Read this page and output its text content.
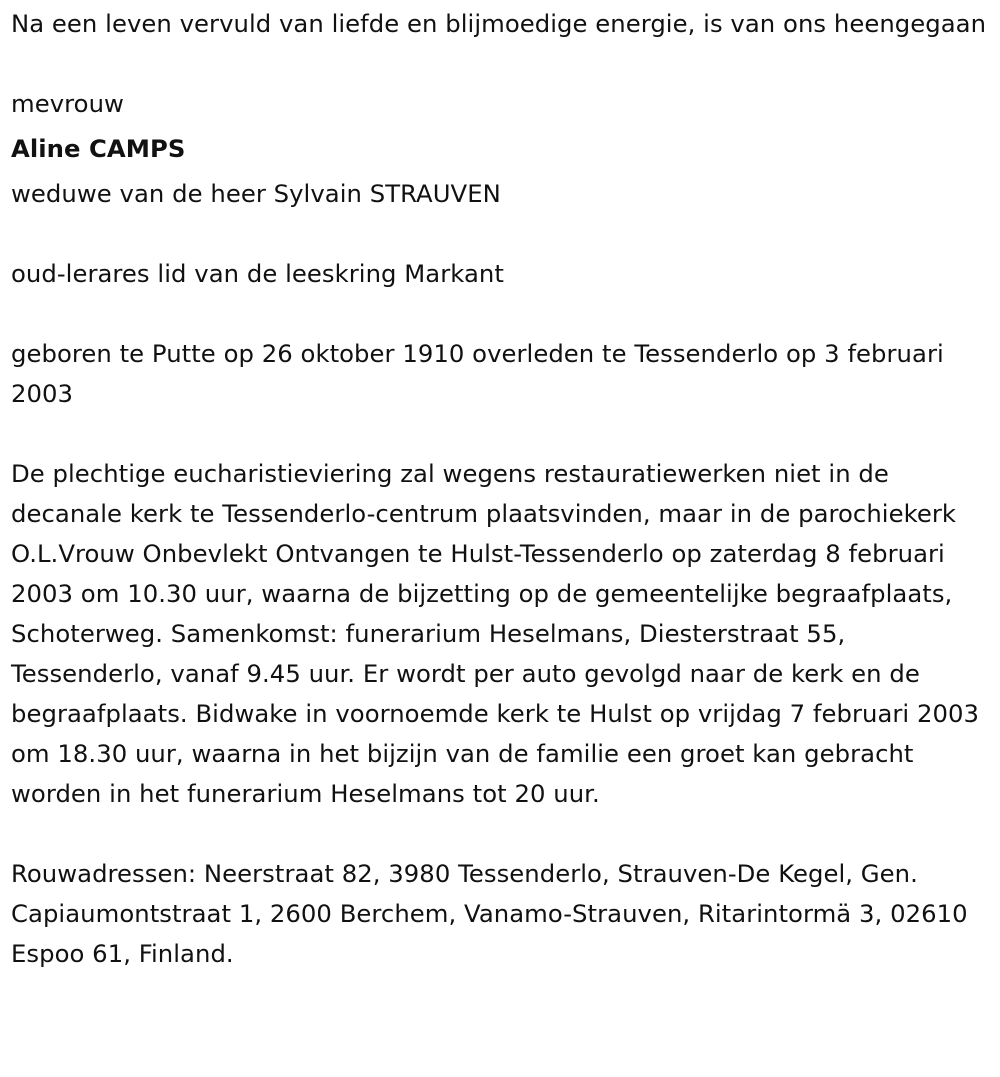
Na een leven vervuld van liefde en blijmoedige energie, is van ons heengegaan

mevrouw

Aline CAMPS

weduwe van de heer Sylvain STRAUVEN

oud-lerares lid van de leeskring Markant

geboren te Putte op 26 oktober 1910 overleden te Tessenderlo op 3 februari 2003

De plechtige eucharistieviering zal wegens restauratiewerken niet in de decanale kerk te Tessenderlo-centrum plaatsvinden, maar in de parochiekerk O.L.Vrouw Onbevlekt Ontvangen te Hulst-Tessenderlo op zaterdag 8 februari 2003 om 10.30 uur, waarna de bijzetting op de gemeentelijke begraafplaats, Schoterweg. Samenkomst: funerarium Heselmans, Diesterstraat 55, Tessenderlo, vanaf 9.45 uur. Er wordt per auto gevolgd naar de kerk en de begraafplaats. Bidwake in voornoemde kerk te Hulst op vrijdag 7 februari 2003 om 18.30 uur, waarna in het bijzijn van de familie een groet kan gebracht worden in het funerarium Heselmans tot 20 uur.

Rouwadressen: Neerstraat 82, 3980 Tessenderlo, Strauven-De Kegel, Gen. Capiaumontstraat 1, 2600 Berchem, Vanamo-Strauven, Ritarintormä 3, 02610 Espoo 61, Finland.
